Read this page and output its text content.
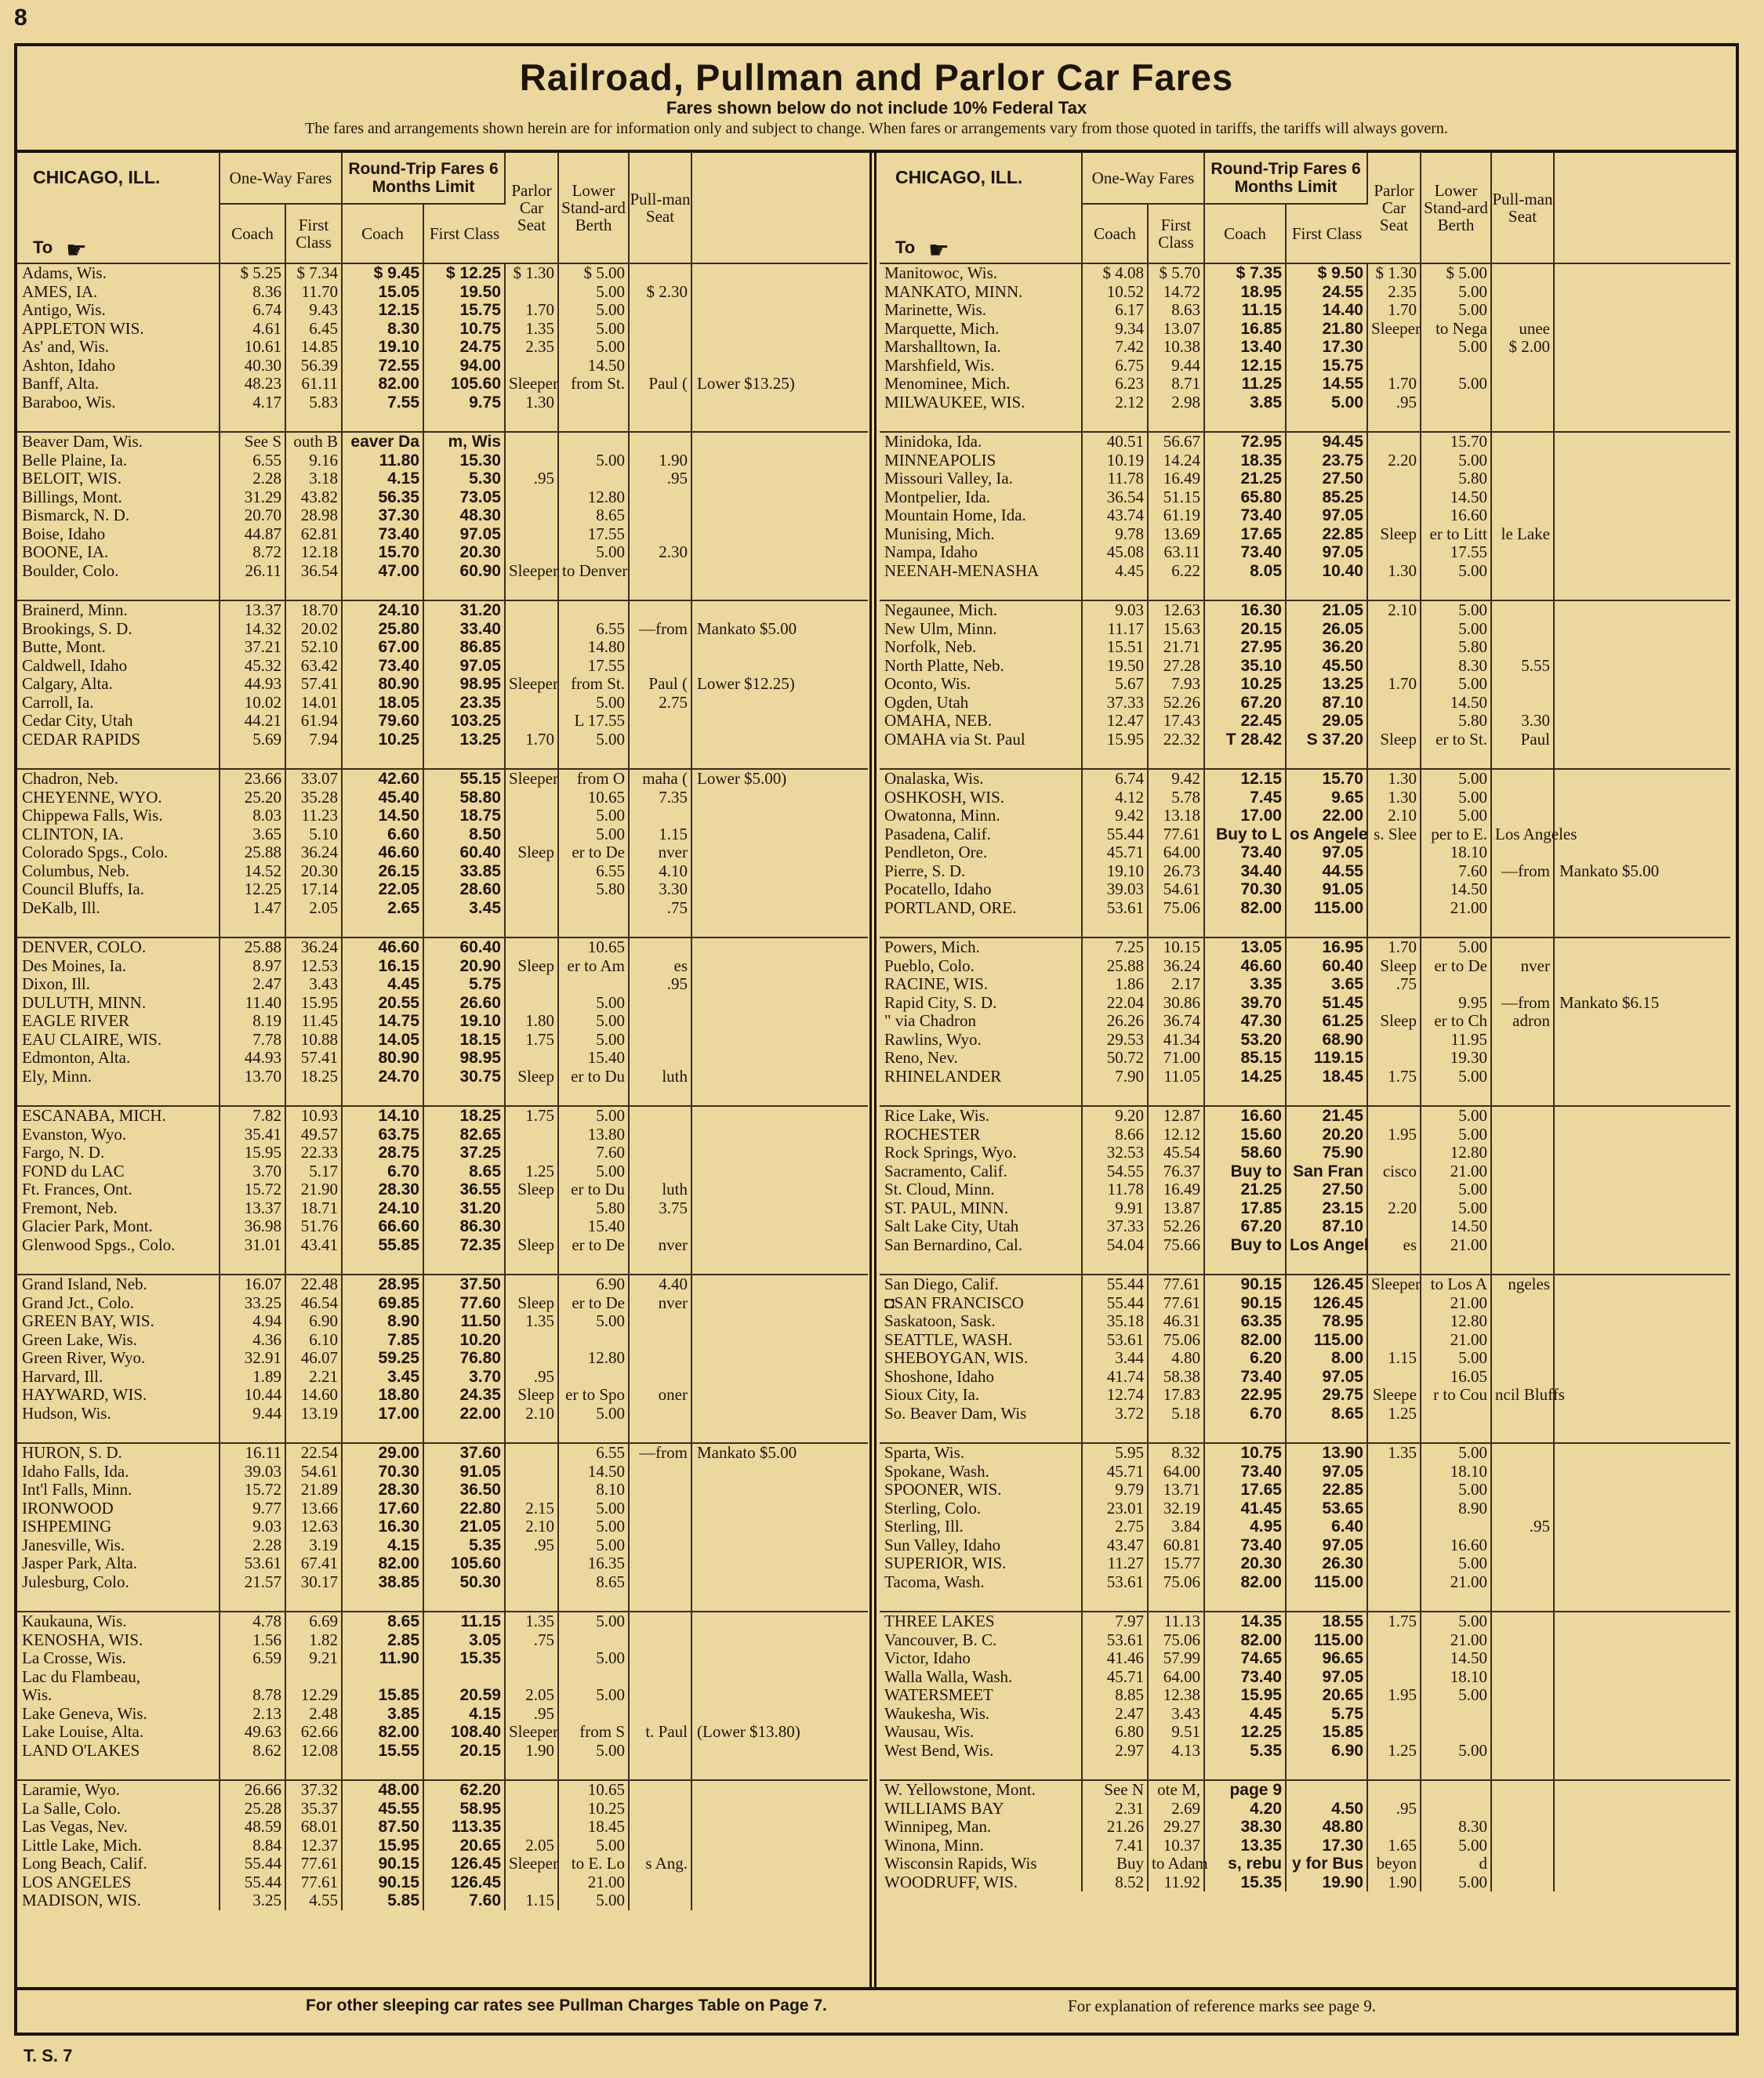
8
Railroad, Pullman and Parlor Car Fares
Fares shown below do not include 10% Federal Tax
The fares and arrangements shown herein are for information only and subject to change. When fares or arrangements vary from those quoted in tariffs, the tariffs will always govern.
CHICAGO, ILL.
To ☛	One-Way Fares		Round-Trip Fares 6 Months Limit		Parlor Car Seat	Lower Stand-ard Berth	Pull-man Seat	
	Coach	First Class	Coach	First Class				
Adams, Wis.	$ 5.25	$ 7.34	$ 9.45	$ 12.25	$ 1.30	$ 5.00		
AMES, IA.	8.36	11.70	15.05	19.50		5.00	$ 2.30	
Antigo, Wis.	6.74	9.43	12.15	15.75	1.70	5.00		
APPLETON WIS.	4.61	6.45	8.30	10.75	1.35	5.00		
As' and, Wis.	10.61	14.85	19.10	24.75	2.35	5.00		
Ashton, Idaho	40.30	56.39	72.55	94.00		14.50		
Banff, Alta.	48.23	61.11	82.00	105.60	Sleeper	from St.	Paul (	Lower $13.25)
Baraboo, Wis.	4.17	5.83	7.55	9.75	1.30			

Beaver Dam, Wis.	See S	outh B	eaver Da	m, Wis				
Belle Plaine, Ia.	6.55	9.16	11.80	15.30		5.00	1.90	
BELOIT, WIS.	2.28	3.18	4.15	5.30	.95		.95	
Billings, Mont.	31.29	43.82	56.35	73.05		12.80		
Bismarck, N. D.	20.70	28.98	37.30	48.30		8.65		
Boise, Idaho	44.87	62.81	73.40	97.05		17.55		
BOONE, IA.	8.72	12.18	15.70	20.30		5.00	2.30	
Boulder, Colo.	26.11	36.54	47.00	60.90	Sleeper	to Denver		

Brainerd, Minn.	13.37	18.70	24.10	31.20				
Brookings, S. D.	14.32	20.02	25.80	33.40		6.55	—from	Mankato $5.00
Butte, Mont.	37.21	52.10	67.00	86.85		14.80		
Caldwell, Idaho	45.32	63.42	73.40	97.05		17.55		
Calgary, Alta.	44.93	57.41	80.90	98.95	Sleeper	from St.	Paul (	Lower $12.25)
Carroll, Ia.	10.02	14.01	18.05	23.35		5.00	2.75	
Cedar City, Utah	44.21	61.94	79.60	103.25		L 17.55		
CEDAR RAPIDS	5.69	7.94	10.25	13.25	1.70	5.00		

Chadron, Neb.	23.66	33.07	42.60	55.15	Sleeper	from O	maha (	Lower $5.00)
CHEYENNE, WYO.	25.20	35.28	45.40	58.80		10.65	7.35	
Chippewa Falls, Wis.	8.03	11.23	14.50	18.75		5.00		
CLINTON, IA.	3.65	5.10	6.60	8.50		5.00	1.15	
Colorado Spgs., Colo.	25.88	36.24	46.60	60.40	Sleep	er to De	nver	
Columbus, Neb.	14.52	20.30	26.15	33.85		6.55	4.10	
Council Bluffs, Ia.	12.25	17.14	22.05	28.60		5.80	3.30	
DeKalb, Ill.	1.47	2.05	2.65	3.45			.75	

DENVER, COLO.	25.88	36.24	46.60	60.40		10.65		
Des Moines, Ia.	8.97	12.53	16.15	20.90	Sleep	er to Am	es	
Dixon, Ill.	2.47	3.43	4.45	5.75			.95	
DULUTH, MINN.	11.40	15.95	20.55	26.60		5.00		
EAGLE RIVER	8.19	11.45	14.75	19.10	1.80	5.00		
EAU CLAIRE, WIS.	7.78	10.88	14.05	18.15	1.75	5.00		
Edmonton, Alta.	44.93	57.41	80.90	98.95		15.40		
Ely, Minn.	13.70	18.25	24.70	30.75	Sleep	er to Du	luth	

ESCANABA, MICH.	7.82	10.93	14.10	18.25	1.75	5.00		
Evanston, Wyo.	35.41	49.57	63.75	82.65		13.80		
Fargo, N. D.	15.95	22.33	28.75	37.25		7.60		
FOND du LAC	3.70	5.17	6.70	8.65	1.25	5.00		
Ft. Frances, Ont.	15.72	21.90	28.30	36.55	Sleep	er to Du	luth	
Fremont, Neb.	13.37	18.71	24.10	31.20		5.80	3.75	
Glacier Park, Mont.	36.98	51.76	66.60	86.30		15.40		
Glenwood Spgs., Colo.	31.01	43.41	55.85	72.35	Sleep	er to De	nver	

Grand Island, Neb.	16.07	22.48	28.95	37.50		6.90	4.40	
Grand Jct., Colo.	33.25	46.54	69.85	77.60	Sleep	er to De	nver	
GREEN BAY, WIS.	4.94	6.90	8.90	11.50	1.35	5.00		
Green Lake, Wis.	4.36	6.10	7.85	10.20				
Green River, Wyo.	32.91	46.07	59.25	76.80		12.80		
Harvard, Ill.	1.89	2.21	3.45	3.70	.95			
HAYWARD, WIS.	10.44	14.60	18.80	24.35	Sleep	er to Spo	oner	
Hudson, Wis.	9.44	13.19	17.00	22.00	2.10	5.00		

HURON, S. D.	16.11	22.54	29.00	37.60		6.55	—from	Mankato $5.00
Idaho Falls, Ida.	39.03	54.61	70.30	91.05		14.50		
Int'l Falls, Minn.	15.72	21.89	28.30	36.50		8.10		
IRONWOOD	9.77	13.66	17.60	22.80	2.15	5.00		
ISHPEMING	9.03	12.63	16.30	21.05	2.10	5.00		
Janesville, Wis.	2.28	3.19	4.15	5.35	.95	5.00		
Jasper Park, Alta.	53.61	67.41	82.00	105.60		16.35		
Julesburg, Colo.	21.57	30.17	38.85	50.30		8.65		

Kaukauna, Wis.	4.78	6.69	8.65	11.15	1.35	5.00		
KENOSHA, WIS.	1.56	1.82	2.85	3.05	.75			
La Crosse, Wis.	6.59	9.21	11.90	15.35		5.00		
Lac du Flambeau,								
Wis.	8.78	12.29	15.85	20.59	2.05	5.00		
Lake Geneva, Wis.	2.13	2.48	3.85	4.15	.95			
Lake Louise, Alta.	49.63	62.66	82.00	108.40	Sleeper	from S	t. Paul	(Lower $13.80)
LAND O'LAKES	8.62	12.08	15.55	20.15	1.90	5.00		

Laramie, Wyo.	26.66	37.32	48.00	62.20		10.65		
La Salle, Colo.	25.28	35.37	45.55	58.95		10.25		
Las Vegas, Nev.	48.59	68.01	87.50	113.35		18.45		
Little Lake, Mich.	8.84	12.37	15.95	20.65	2.05	5.00		
Long Beach, Calif.	55.44	77.61	90.15	126.45	Sleeper	to E. Lo	s Ang.	
LOS ANGELES	55.44	77.61	90.15	126.45		21.00		
MADISON, WIS.	3.25	4.55	5.85	7.60	1.15	5.00		
CHICAGO, ILL.
To ☛	One-Way Fares		Round-Trip Fares 6 Months Limit		Parlor Car Seat	Lower Stand-ard Berth	Pull-man Seat	
	Coach	First Class	Coach	First Class				
Manitowoc, Wis.	$ 4.08	$ 5.70	$ 7.35	$ 9.50	$ 1.30	$ 5.00		
MANKATO, MINN.	10.52	14.72	18.95	24.55	2.35	5.00		
Marinette, Wis.	6.17	8.63	11.15	14.40	1.70	5.00		
Marquette, Mich.	9.34	13.07	16.85	21.80	Sleeper	to Nega	unee	
Marshalltown, Ia.	7.42	10.38	13.40	17.30		5.00	$ 2.00	
Marshfield, Wis.	6.75	9.44	12.15	15.75				
Menominee, Mich.	6.23	8.71	11.25	14.55	1.70	5.00		
MILWAUKEE, WIS.	2.12	2.98	3.85	5.00	.95			

Minidoka, Ida.	40.51	56.67	72.95	94.45		15.70		
MINNEAPOLIS	10.19	14.24	18.35	23.75	2.20	5.00		
Missouri Valley, Ia.	11.78	16.49	21.25	27.50		5.80		
Montpelier, Ida.	36.54	51.15	65.80	85.25		14.50		
Mountain Home, Ida.	43.74	61.19	73.40	97.05		16.60		
Munising, Mich.	9.78	13.69	17.65	22.85	Sleep	er to Litt	le Lake	
Nampa, Idaho	45.08	63.11	73.40	97.05		17.55		
NEENAH-MENASHA	4.45	6.22	8.05	10.40	1.30	5.00		

Negaunee, Mich.	9.03	12.63	16.30	21.05	2.10	5.00		
New Ulm, Minn.	11.17	15.63	20.15	26.05		5.00		
Norfolk, Neb.	15.51	21.71	27.95	36.20		5.80		
North Platte, Neb.	19.50	27.28	35.10	45.50		8.30	5.55	
Oconto, Wis.	5.67	7.93	10.25	13.25	1.70	5.00		
Ogden, Utah	37.33	52.26	67.20	87.10		14.50		
OMAHA, NEB.	12.47	17.43	22.45	29.05		5.80	3.30	
OMAHA via St. Paul	15.95	22.32	T 28.42	S 37.20	Sleep	er to St.	Paul	

Onalaska, Wis.	6.74	9.42	12.15	15.70	1.30	5.00		
OSHKOSH, WIS.	4.12	5.78	7.45	9.65	1.30	5.00		
Owatonna, Minn.	9.42	13.18	17.00	22.00	2.10	5.00		
Pasadena, Calif.	55.44	77.61	Buy to L	os Angele	s. Slee	per to E.	Los Angeles	
Pendleton, Ore.	45.71	64.00	73.40	97.05		18.10		
Pierre, S. D.	19.10	26.73	34.40	44.55		7.60	—from	Mankato $5.00
Pocatello, Idaho	39.03	54.61	70.30	91.05		14.50		
PORTLAND, ORE.	53.61	75.06	82.00	115.00		21.00		

Powers, Mich.	7.25	10.15	13.05	16.95	1.70	5.00		
Pueblo, Colo.	25.88	36.24	46.60	60.40	Sleep	er to De	nver	
RACINE, WIS.	1.86	2.17	3.35	3.65	.75			
Rapid City, S. D.	22.04	30.86	39.70	51.45		9.95	—from	Mankato $6.15
" via Chadron	26.26	36.74	47.30	61.25	Sleep	er to Ch	adron	
Rawlins, Wyo.	29.53	41.34	53.20	68.90		11.95		
Reno, Nev.	50.72	71.00	85.15	119.15		19.30		
RHINELANDER	7.90	11.05	14.25	18.45	1.75	5.00		

Rice Lake, Wis.	9.20	12.87	16.60	21.45		5.00		
ROCHESTER	8.66	12.12	15.60	20.20	1.95	5.00		
Rock Springs, Wyo.	32.53	45.54	58.60	75.90		12.80		
Sacramento, Calif.	54.55	76.37	Buy to	San Fran	cisco	21.00		
St. Cloud, Minn.	11.78	16.49	21.25	27.50		5.00		
ST. PAUL, MINN.	9.91	13.87	17.85	23.15	2.20	5.00		
Salt Lake City, Utah	37.33	52.26	67.20	87.10		14.50		
San Bernardino, Cal.	54.04	75.66	Buy to	Los Angel	es	21.00		

San Diego, Calif.	55.44	77.61	90.15	126.45	Sleeper	to Los A	ngeles	
◘SAN FRANCISCO	55.44	77.61	90.15	126.45		21.00		
Saskatoon, Sask.	35.18	46.31	63.35	78.95		12.80		
SEATTLE, WASH.	53.61	75.06	82.00	115.00		21.00		
SHEBOYGAN, WIS.	3.44	4.80	6.20	8.00	1.15	5.00		
Shoshone, Idaho	41.74	58.38	73.40	97.05		16.05		
Sioux City, Ia.	12.74	17.83	22.95	29.75	Sleepe	r to Cou	ncil Bluffs	
So. Beaver Dam, Wis	3.72	5.18	6.70	8.65	1.25			

Sparta, Wis.	5.95	8.32	10.75	13.90	1.35	5.00		
Spokane, Wash.	45.71	64.00	73.40	97.05		18.10		
SPOONER, WIS.	9.79	13.71	17.65	22.85		5.00		
Sterling, Colo.	23.01	32.19	41.45	53.65		8.90		
Sterling, Ill.	2.75	3.84	4.95	6.40			.95	
Sun Valley, Idaho	43.47	60.81	73.40	97.05		16.60		
SUPERIOR, WIS.	11.27	15.77	20.30	26.30		5.00		
Tacoma, Wash.	53.61	75.06	82.00	115.00		21.00		

THREE LAKES	7.97	11.13	14.35	18.55	1.75	5.00		
Vancouver, B. C.	53.61	75.06	82.00	115.00		21.00		
Victor, Idaho	41.46	57.99	74.65	96.65		14.50		
Walla Walla, Wash.	45.71	64.00	73.40	97.05		18.10		
WATERSMEET	8.85	12.38	15.95	20.65	1.95	5.00		
Waukesha, Wis.	2.47	3.43	4.45	5.75				
Wausau, Wis.	6.80	9.51	12.25	15.85				
West Bend, Wis.	2.97	4.13	5.35	6.90	1.25	5.00		

W. Yellowstone, Mont.	See N	ote M,	page 9					
WILLIAMS BAY	2.31	2.69	4.20	4.50	.95			
Winnipeg, Man.	21.26	29.27	38.30	48.80		8.30		
Winona, Minn.	7.41	10.37	13.35	17.30	1.65	5.00		
Wisconsin Rapids, Wis	Buy	to Adam	s, rebu	y for Bus	beyon	d		
WOODRUFF, WIS.	8.52	11.92	15.35	19.90	1.90	5.00		
For other sleeping car rates see Pullman Charges Table on Page 7.	For explanation of reference marks see page 9.
T. S. 7
